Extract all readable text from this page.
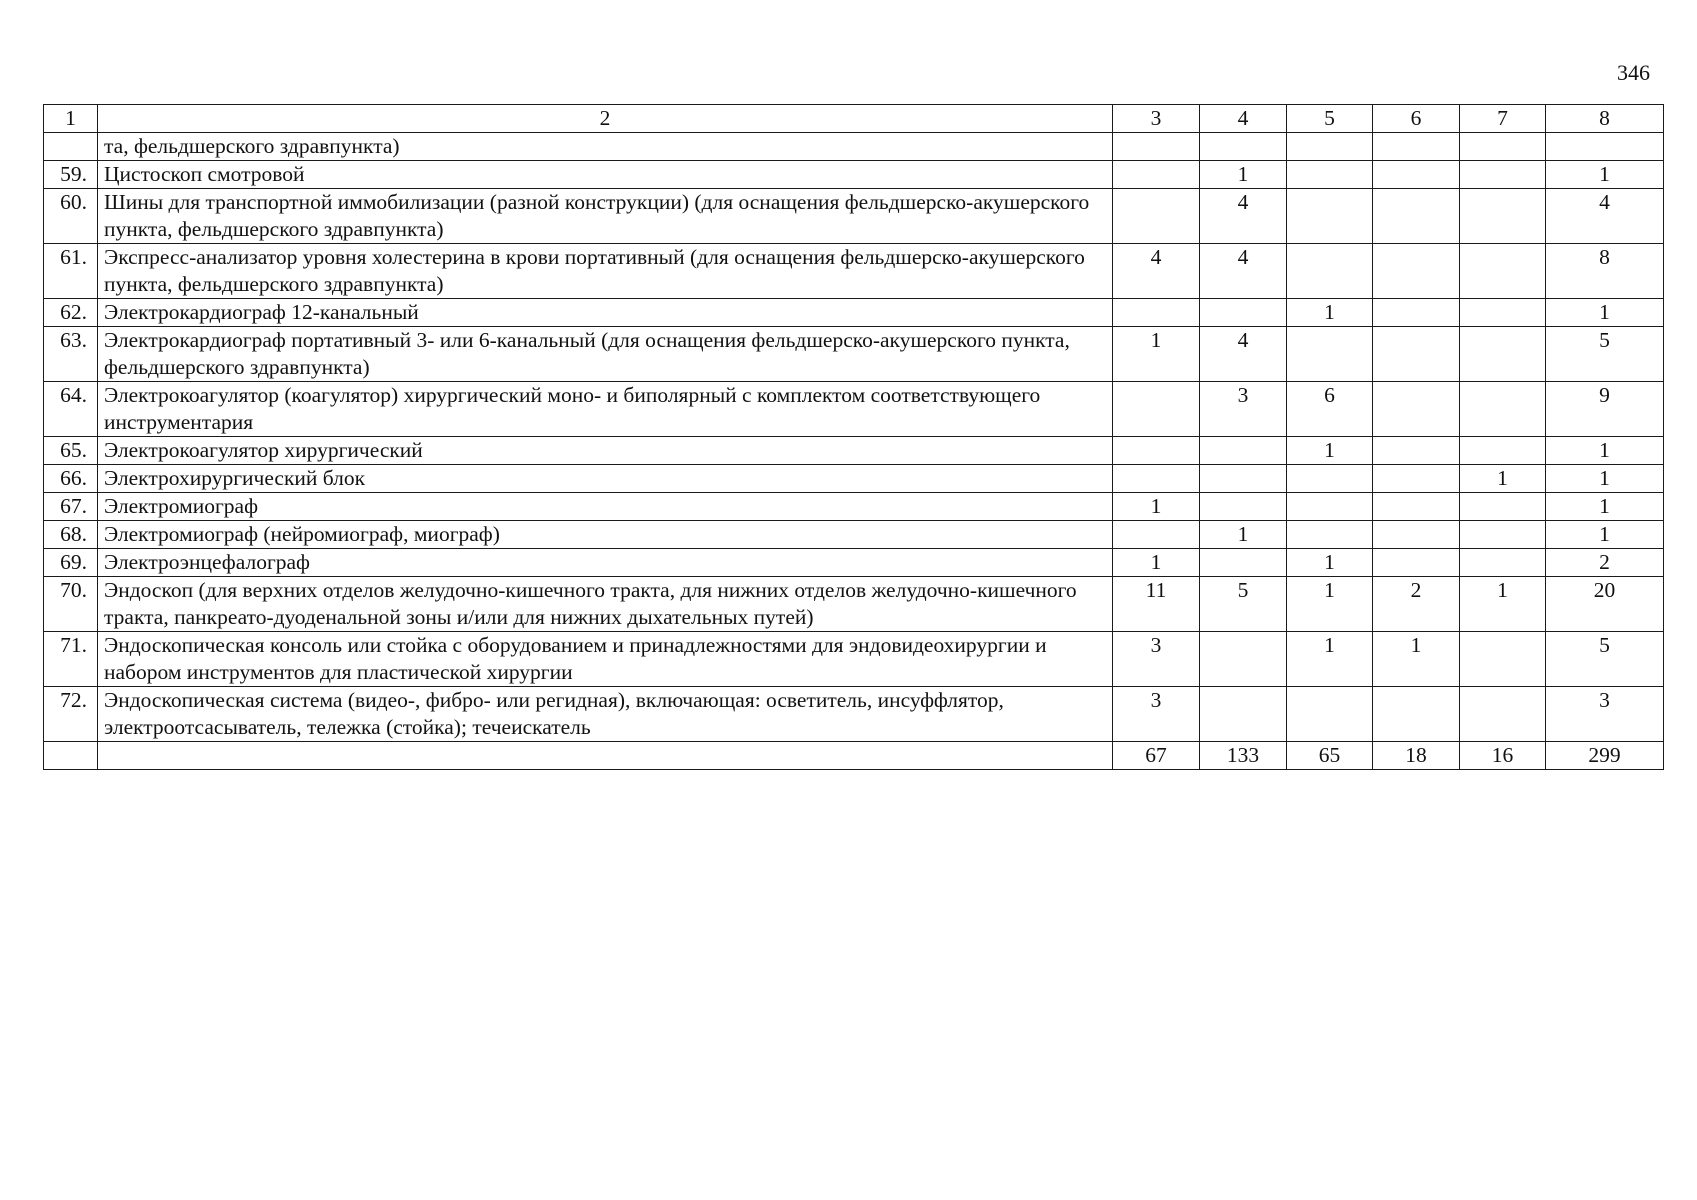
346
1	2	3	4	5	6	7	8
	та, фельдшерского здравпункта)						
59.	Цистоскоп смотровой		1				1
60.	Шины для транспортной иммобилизации (разной конструкции) (для оснащения фельдшерско-акушерского пункта, фельдшерского здравпункта)		4				4
61.	Экспресс-анализатор уровня холестерина в крови портативный (для оснащения фельдшерско-акушерского пункта, фельдшерского здравпункта)	4	4				8
62.	Электрокардиограф 12-канальный			1			1
63.	Электрокардиограф портативный 3- или 6-канальный (для оснащения фельдшерско-акушерского пункта, фельдшерского здравпункта)	1	4				5
64.	Электрокоагулятор (коагулятор) хирургический моно- и биполярный с комплектом соответствующего инструментария		3	6			9
65.	Электрокоагулятор хирургический			1			1
66.	Электрохирургический блок					1	1
67.	Электромиограф	1					1
68.	Электромиограф (нейромиограф, миограф)		1				1
69.	Электроэнцефалограф	1		1			2
70.	Эндоскоп (для верхних отделов желудочно-кишечного тракта, для нижних отделов желудочно-кишечного тракта, панкреато-дуоденальной зоны и/или для нижних дыхательных путей)	11	5	1	2	1	20
71.	Эндоскопическая консоль или стойка с оборудованием и принадлежностями для эндовидеохирургии и набором инструментов для пластической хирургии	3		1	1		5
72.	Эндоскопическая система (видео-, фибро- или регидная), включающая: осветитель, инсуффлятор, электроотсасыватель, тележка (стойка); течеискатель	3					3
		67	133	65	18	16	299
